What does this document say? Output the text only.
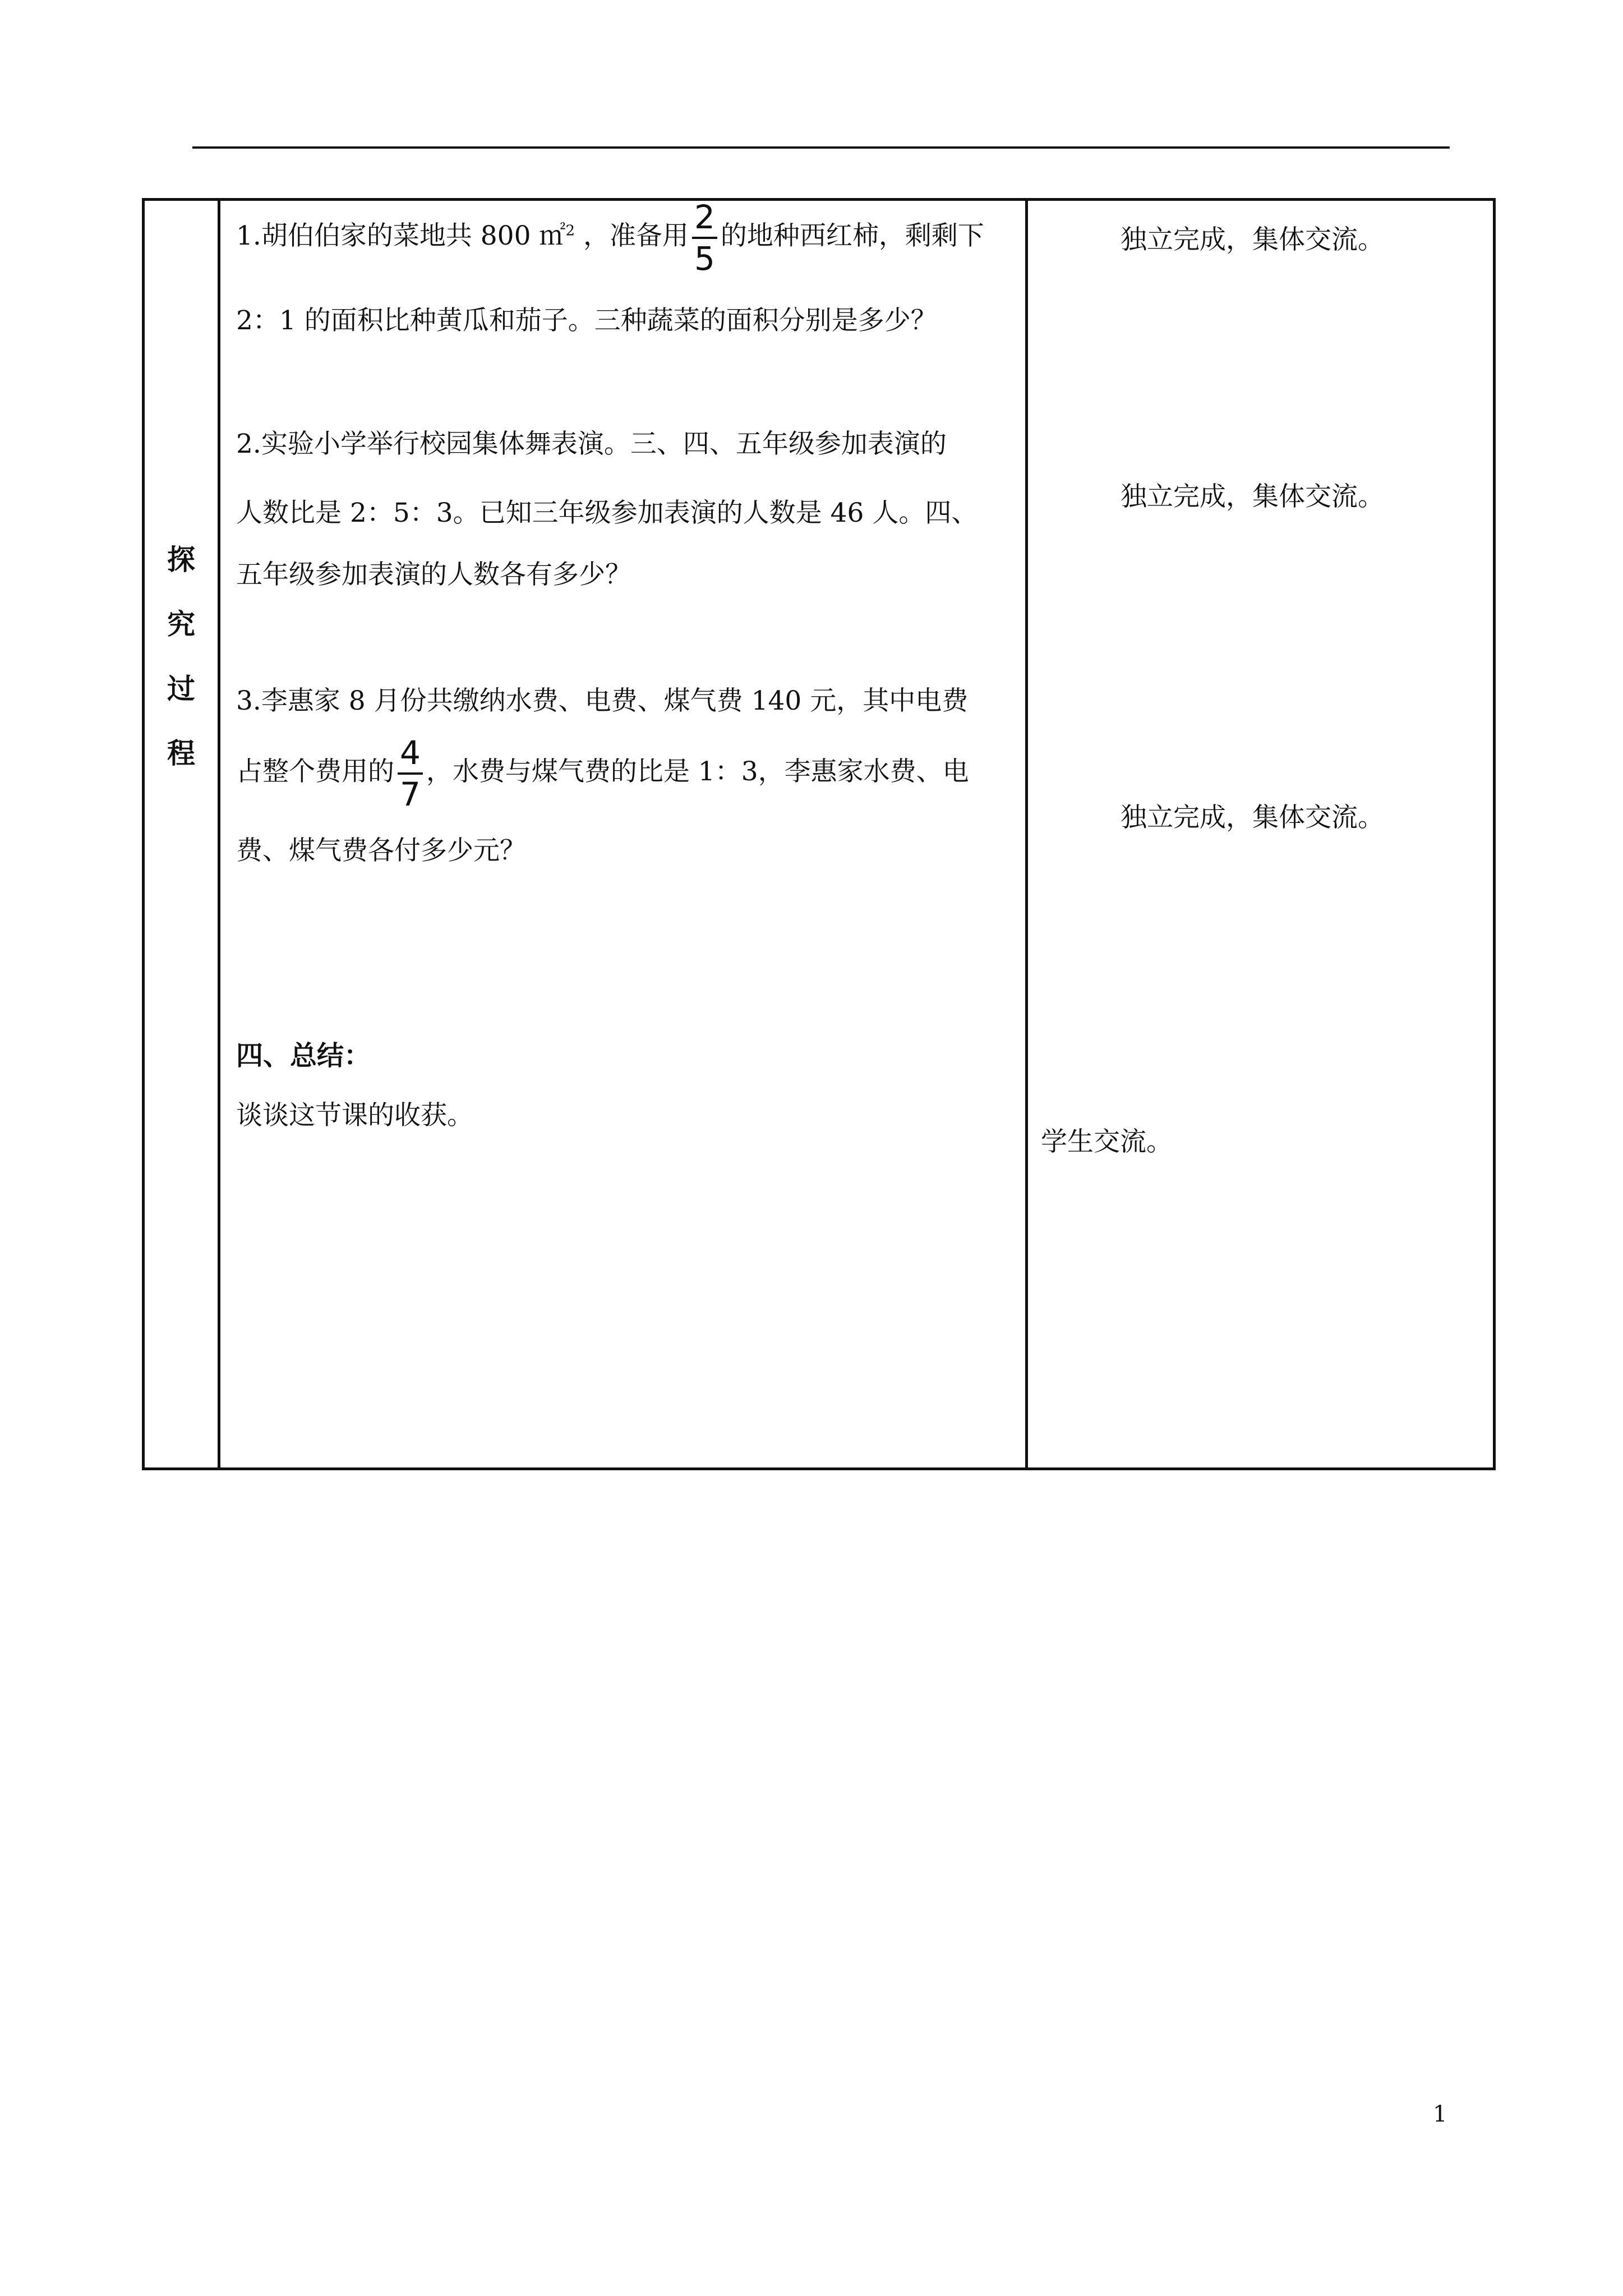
探
究
过
程
1.胡伯伯家的菜地共 800 ㎡$^2$ ，准备用 $\frac{2}{5}$ 的地种西红柿，剩剩下
2：1 的面积比种黄瓜和茄子。三种蔬菜的面积分别是多少？
2.实验小学举行校园集体舞表演。三、四、五年级参加表演的
人数比是 2：5：3。已知三年级参加表演的人数是 46 人。四、
五年级参加表演的人数各有多少？
3.李惠家 8 月份共缴纳水费、电费、煤气费 140 元，其中电费
占整个费用的 $\frac{4}{7}$ ，水费与煤气费的比是 1：3，李惠家水费、电
费、煤气费各付多少元？
四、总结：
谈谈这节课的收获。
独立完成，集体交流。
独立完成，集体交流。
独立完成，集体交流。
学生交流。
1
